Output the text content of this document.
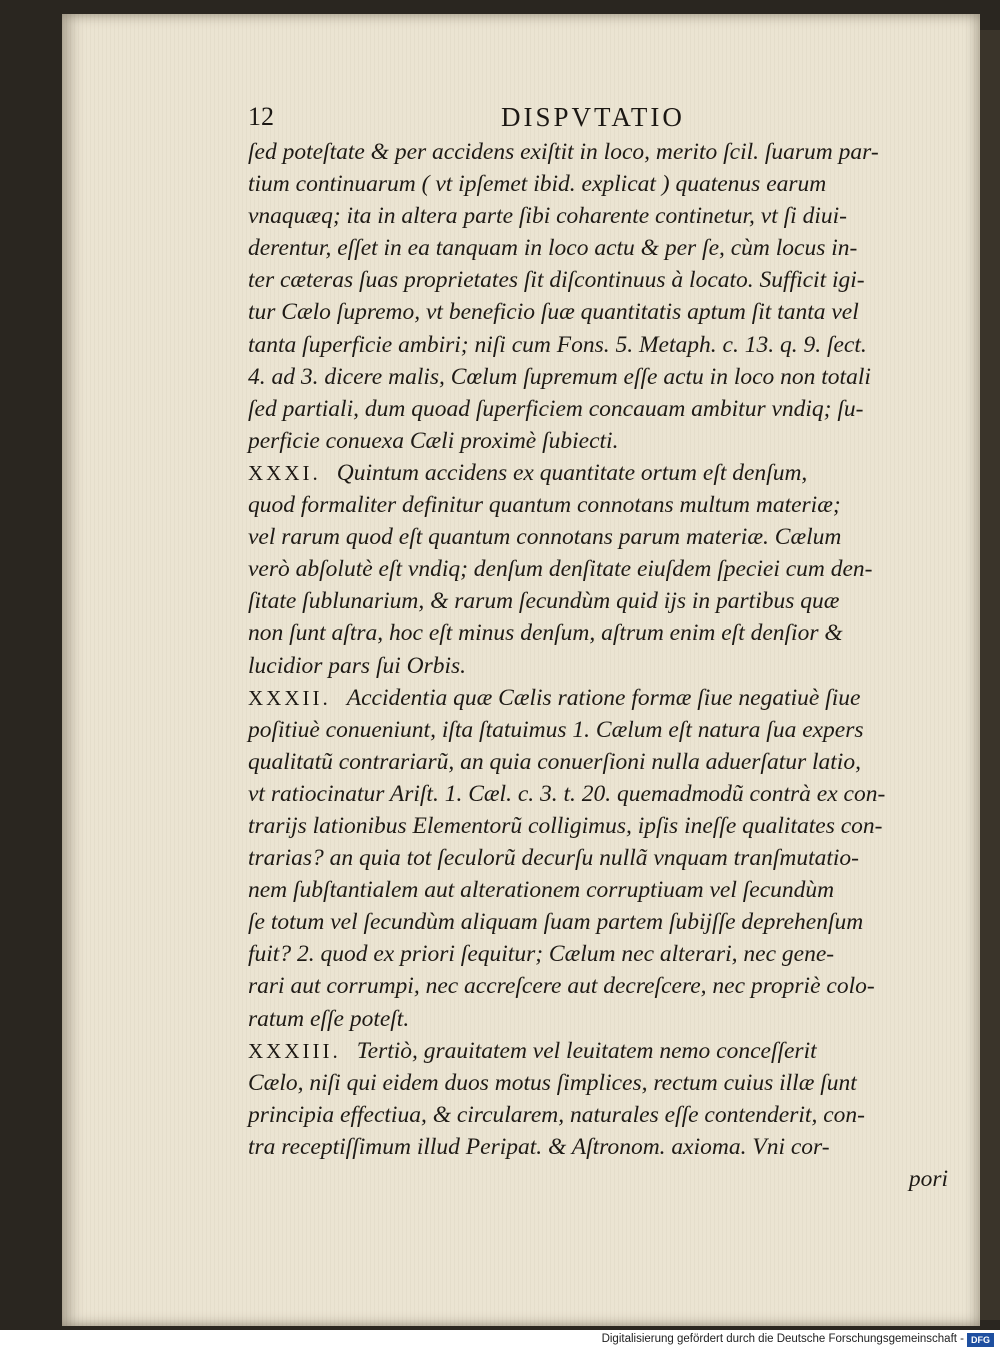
12	DISPVTATIO
ſed poteſtate & per accidens exiſtit in loco, merito ſcil. ſuarum par-
tium continuarum ( vt ipſemet ibid. explicat ) quatenus earum
vnaquæq; ita in altera parte ſibi coharente continetur, vt ſi diui-
derentur, eſſet in ea tanquam in loco actu & per ſe, cùm locus in-
ter cæteras ſuas proprietates ſit diſcontinuus à locato. Sufficit igi-
tur Cælo ſupremo, vt beneficio ſuæ quantitatis aptum ſit tanta vel
tanta ſuperficie ambiri; niſi cum Fons. 5. Metaph. c. 13. q. 9. ſect.
4. ad 3. dicere malis, Cœlum ſupremum eſſe actu in loco non totali
ſed partiali, dum quoad ſuperficiem concauam ambitur vndiq; ſu-
perficie conuexa Cæli proximè ſubiecti.
XXXI. Quintum accidens ex quantitate ortum eſt denſum,
quod formaliter definitur quantum connotans multum materiæ;
vel rarum quod eſt quantum connotans parum materiæ. Cælum
verò abſolutè eſt vndiq; denſum denſitate eiuſdem ſpeciei cum den-
ſitate ſublunarium, & rarum ſecundùm quid ijs in partibus quæ
non ſunt aſtra, hoc eſt minus denſum, aſtrum enim eſt denſior &
lucidior pars ſui Orbis.
XXXII. Accidentia quæ Cælis ratione formæ ſiue negatiuè ſiue
poſitiuè conueniunt, iſta ſtatuimus 1. Cælum eſt natura ſua expers
qualitatũ contrariarũ, an quia conuerſioni nulla aduerſatur latio,
vt ratiocinatur Ariſt. 1. Cæl. c. 3. t. 20. quemadmodũ contrà ex con-
trarijs lationibus Elementorũ colligimus, ipſis ineſſe qualitates con-
trarias? an quia tot ſeculorũ decurſu nullã vnquam tranſmutatio-
nem ſubſtantialem aut alterationem corruptiuam vel ſecundùm
ſe totum vel ſecundùm aliquam ſuam partem ſubijſſe deprehenſum
fuit? 2. quod ex priori ſequitur; Cælum nec alterari, nec gene-
rari aut corrumpi, nec accreſcere aut decreſcere, nec propriè colo-
ratum eſſe poteſt.
XXXIII. Tertiò, grauitatem vel leuitatem nemo conceſſerit
Cælo, niſi qui eidem duos motus ſimplices, rectum cuius illæ ſunt
principia effectiua, & circularem, naturales eſſe contenderit, con-
tra receptiſſimum illud Peripat. & Aſtronom. axioma. Vni cor-
pori
Digitalisierung gefördert durch die Deutsche Forschungsgemeinschaft - DFG
